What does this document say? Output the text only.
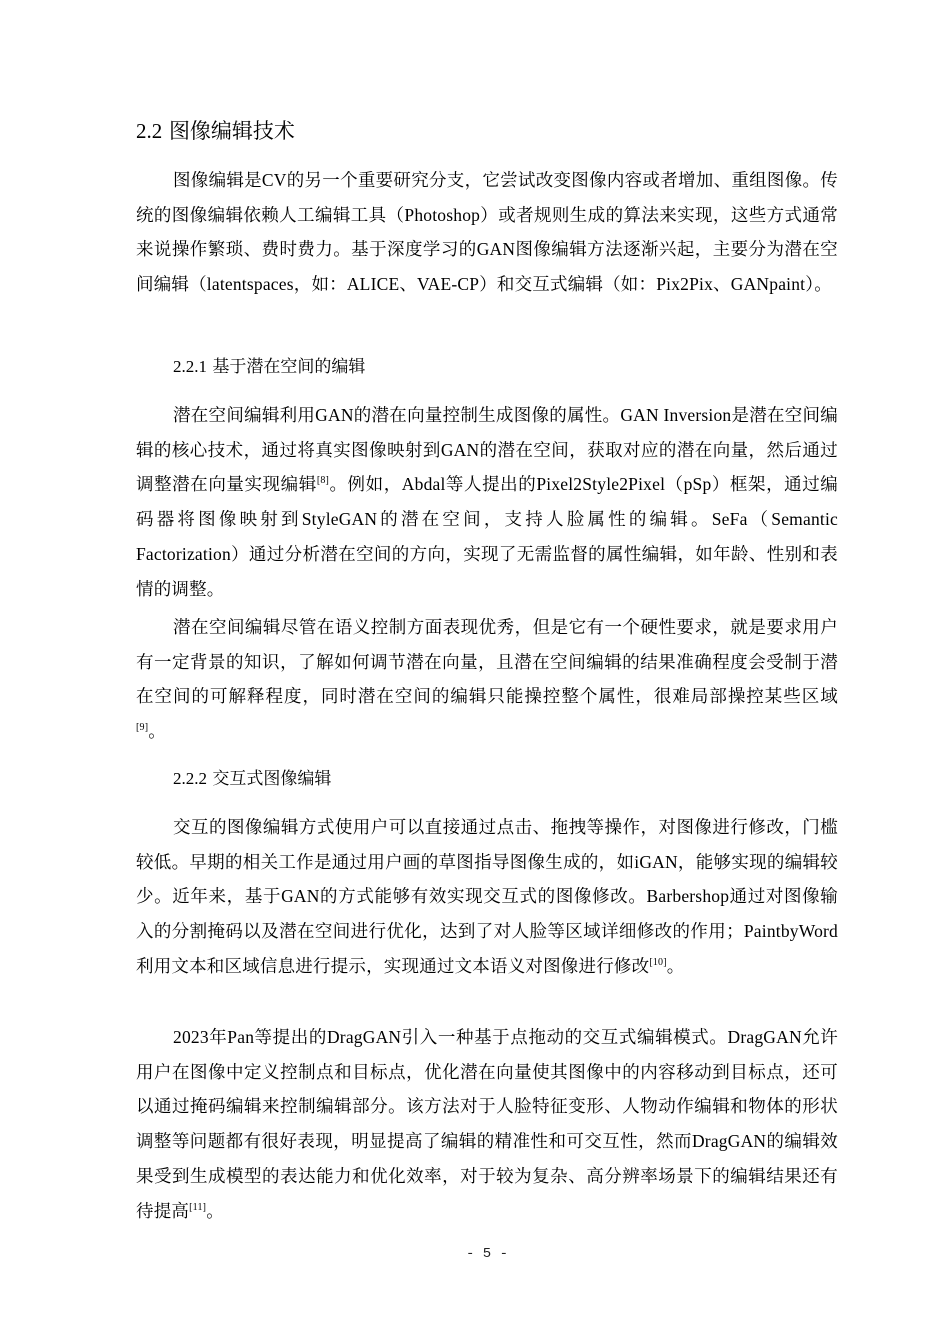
2.2 图像编辑技术
图像编辑是CV的另一个重要研究分支，它尝试改变图像内容或者增加、重组图像。传统的图像编辑依赖人工编辑工具（Photoshop）或者规则生成的算法来实现，这些方式通常来说操作繁琐、费时费力。基于深度学习的GAN图像编辑方法逐渐兴起，主要分为潜在空间编辑（latentspaces，如：ALICE、VAE-CP）和交互式编辑（如：Pix2Pix、GANpaint）。
2.2.1 基于潜在空间的编辑
潜在空间编辑利用GAN的潜在向量控制生成图像的属性。GAN Inversion是潜在空间编辑的核心技术，通过将真实图像映射到GAN的潜在空间，获取对应的潜在向量，然后通过调整潜在向量实现编辑[8]。例如，Abdal等人提出的Pixel2Style2Pixel（pSp）框架，通过编码器将图像映射到StyleGAN的潜在空间，支持人脸属性的编辑。SeFa（Semantic Factorization）通过分析潜在空间的方向，实现了无需监督的属性编辑，如年龄、性别和表情的调整。
潜在空间编辑尽管在语义控制方面表现优秀，但是它有一个硬性要求，就是要求用户有一定背景的知识，了解如何调节潜在向量，且潜在空间编辑的结果准确程度会受制于潜在空间的可解释程度，同时潜在空间的编辑只能操控整个属性，很难局部操控某些区域[9]。
2.2.2 交互式图像编辑
交互的图像编辑方式使用户可以直接通过点击、拖拽等操作，对图像进行修改，门槛较低。早期的相关工作是通过用户画的草图指导图像生成的，如iGAN，能够实现的编辑较少。近年来，基于GAN的方式能够有效实现交互式的图像修改。Barbershop通过对图像输入的分割掩码以及潜在空间进行优化，达到了对人脸等区域详细修改的作用；PaintbyWord利用文本和区域信息进行提示，实现通过文本语义对图像进行修改[10]。
2023年Pan等提出的DragGAN引入一种基于点拖动的交互式编辑模式。DragGAN允许用户在图像中定义控制点和目标点，优化潜在向量使其图像中的内容移动到目标点，还可以通过掩码编辑来控制编辑部分。该方法对于人脸特征变形、人物动作编辑和物体的形状调整等问题都有很好表现，明显提高了编辑的精准性和可交互性，然而DragGAN的编辑效果受到生成模型的表达能力和优化效率，对于较为复杂、高分辨率场景下的编辑结果还有待提高[11]。
- 5 -
